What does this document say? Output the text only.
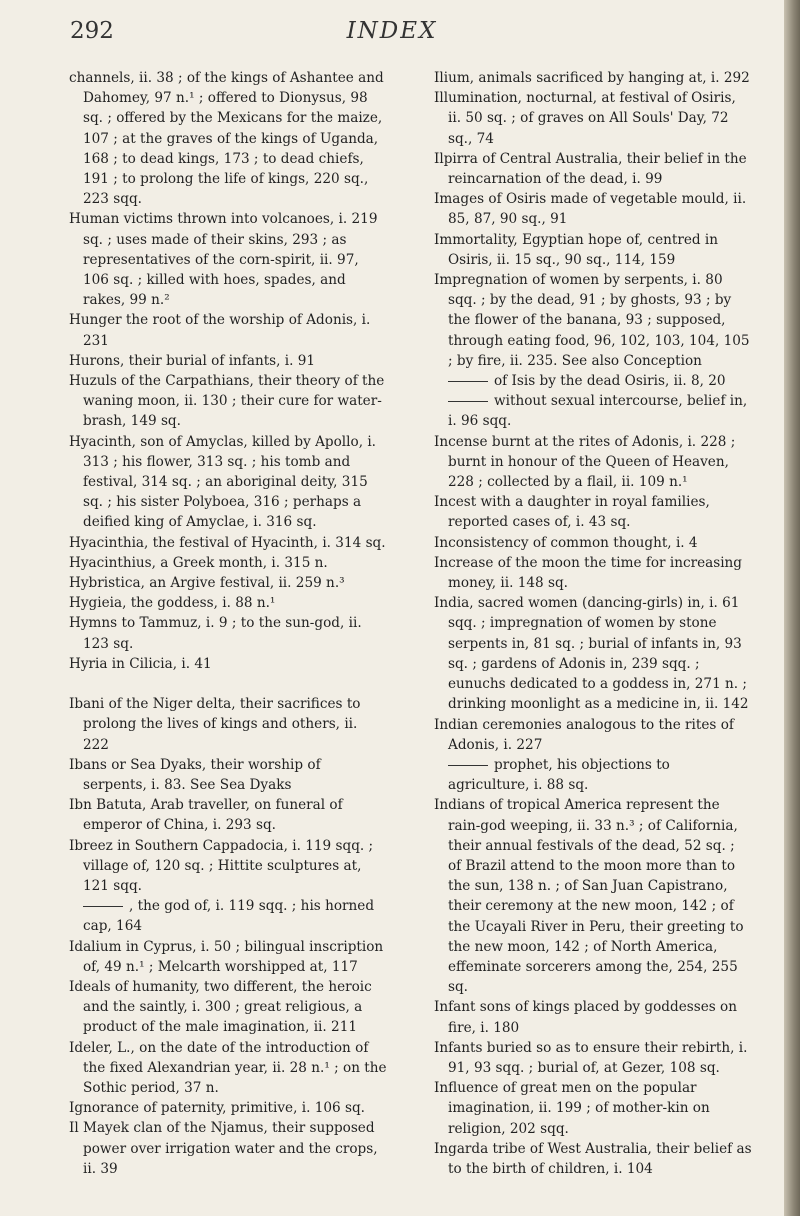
292	INDEX

channels, ii. 38 ; of the kings of Ashantee and Dahomey, 97 n.¹ ; offered to Dionysus, 98 sq. ; offered by the Mexicans for the maize, 107 ; at the graves of the kings of Uganda, 168 ; to dead kings, 173 ; to dead chiefs, 191 ; to prolong the life of kings, 220 sq., 223 sqq.

Human victims thrown into volcanoes, i. 219 sq. ; uses made of their skins, 293 ; as representatives of the corn-spirit, ii. 97, 106 sq. ; killed with hoes, spades, and rakes, 99 n.²

Hunger the root of the worship of Adonis, i. 231

Hurons, their burial of infants, i. 91

Huzuls of the Carpathians, their theory of the waning moon, ii. 130 ; their cure for water-brash, 149 sq.

Hyacinth, son of Amyclas, killed by Apollo, i. 313 ; his flower, 313 sq. ; his tomb and festival, 314 sq. ; an aboriginal deity, 315 sq. ; his sister Polyboea, 316 ; perhaps a deified king of Amyclae, i. 316 sq.

Hyacinthia, the festival of Hyacinth, i. 314 sq.

Hyacinthius, a Greek month, i. 315 n.

Hybristica, an Argive festival, ii. 259 n.³

Hygieia, the goddess, i. 88 n.¹

Hymns to Tammuz, i. 9 ; to the sun-god, ii. 123 sq.

Hyria in Cilicia, i. 41

Ibani of the Niger delta, their sacrifices to prolong the lives of kings and others, ii. 222

Ibans or Sea Dyaks, their worship of serpents, i. 83. See Sea Dyaks

Ibn Batuta, Arab traveller, on funeral of emperor of China, i. 293 sq.

Ibreez in Southern Cappadocia, i. 119 sqq. ; village of, 120 sq. ; Hittite sculptures at, 121 sqq.

, the god of, i. 119 sqq. ; his horned cap, 164

Idalium in Cyprus, i. 50 ; bilingual inscription of, 49 n.¹ ; Melcarth worshipped at, 117

Ideals of humanity, two different, the heroic and the saintly, i. 300 ; great religious, a product of the male imagination, ii. 211

Ideler, L., on the date of the introduction of the fixed Alexandrian year, ii. 28 n.¹ ; on the Sothic period, 37 n.

Ignorance of paternity, primitive, i. 106 sq.

Il Mayek clan of the Njamus, their supposed power over irrigation water and the crops, ii. 39

Ilium, animals sacrificed by hanging at, i. 292

Illumination, nocturnal, at festival of Osiris, ii. 50 sq. ; of graves on All Souls' Day, 72 sq., 74

Ilpirra of Central Australia, their belief in the reincarnation of the dead, i. 99

Images of Osiris made of vegetable mould, ii. 85, 87, 90 sq., 91

Immortality, Egyptian hope of, centred in Osiris, ii. 15 sq., 90 sq., 114, 159

Impregnation of women by serpents, i. 80 sqq. ; by the dead, 91 ; by ghosts, 93 ; by the flower of the banana, 93 ; supposed, through eating food, 96, 102, 103, 104, 105 ; by fire, ii. 235. See also Conception

of Isis by the dead Osiris, ii. 8, 20

without sexual intercourse, belief in, i. 96 sqq.

Incense burnt at the rites of Adonis, i. 228 ; burnt in honour of the Queen of Heaven, 228 ; collected by a flail, ii. 109 n.¹

Incest with a daughter in royal families, reported cases of, i. 43 sq.

Inconsistency of common thought, i. 4

Increase of the moon the time for increasing money, ii. 148 sq.

India, sacred women (dancing-girls) in, i. 61 sqq. ; impregnation of women by stone serpents in, 81 sq. ; burial of infants in, 93 sq. ; gardens of Adonis in, 239 sqq. ; eunuchs dedicated to a goddess in, 271 n. ; drinking moonlight as a medicine in, ii. 142

Indian ceremonies analogous to the rites of Adonis, i. 227

prophet, his objections to agriculture, i. 88 sq.

Indians of tropical America represent the rain-god weeping, ii. 33 n.³ ; of California, their annual festivals of the dead, 52 sq. ; of Brazil attend to the moon more than to the sun, 138 n. ; of San Juan Capistrano, their ceremony at the new moon, 142 ; of the Ucayali River in Peru, their greeting to the new moon, 142 ; of North America, effeminate sorcerers among the, 254, 255 sq.

Infant sons of kings placed by goddesses on fire, i. 180

Infants buried so as to ensure their rebirth, i. 91, 93 sqq. ; burial of, at Gezer, 108 sq.

Influence of great men on the popular imagination, ii. 199 ; of mother-kin on religion, 202 sqq.

Ingarda tribe of West Australia, their belief as to the birth of children, i. 104
